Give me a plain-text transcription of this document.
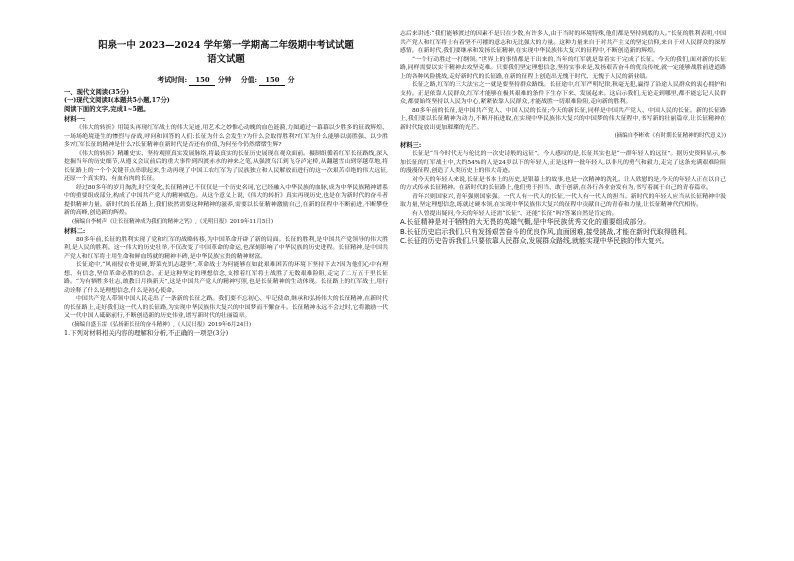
阳泉一中 2023—2024 学年第一学期高二年级期中考试试题
语文试题
考试时间: 150 分钟 分值: 150 分
一、现代文阅读(35分)
(一)现代文阅读Ⅰ(本题共5小题,17分)
阅读下面的文字,完成1~5题。
材料一:

《伟大的转折》用镜头再现红军战士的伟大足迹,用艺术之妙惟心动魄的血色涟漪,力图通过一幕幕以少胜多的征战辉煌、一场场绝境逢生的惨烈与奋战,呼问和回答的人们:长征为什么会发生?为什么会取得胜利?红军为什么能够以弱胜强、以少胜多?红军长征的精神是什么?长征精神在新时代是否还有价值,为何至今仍然熠熠生辉?

《伟大的转折》精雕史实、坚持观照真实发展脉络,将最真实的长征历史展现在观众面前。摄制组循着红军长征路线,深入挖掘当年的历史细节,从遵义会议前后的重大事件到四渡赤水的神来之笔,从强渡乌江到飞夺泸定桥,从翻越雪山到穿越草地,将长征路上的一个个关键节点串联起来,生动再现了中国工农红军为了民族独立和人民解放而进行的这一次艰苦卓绝的伟大远征,还原一个真实的、有血有肉的长征。

经过80多年的岁月淘洗,时空变化,长征精神已不仅仅是一个历史名词,它已经融入中华民族的血脉,成为中华民族精神谱系中的重要组成部分,构成了中国共产党人的精神底色。从这个意义上说,《伟大的转折》真实再现历史,也是在为新时代的奋斗者提供精神力量。新时代的长征路上,我们依然需要这种精神的滋养,需要以长征精神激励自己,在新的征程中不断前进,不断攀登新的高峰,创造新的辉煌。

(摘编自李树声《让长征精神成为我们的精神之钙》,《光明日报》2019年11月5日)

材料二:

80多年前,长征的胜利实现了党和红军的战略转移,为中国革命开辟了新的局面。长征的胜利,是中国共产党领导的伟大胜利,是人民的胜利。这一伟大的历史壮举,不仅改变了中国革命的命运,也深刻影响了中华民族的历史进程。长征精神,是中国共产党人和红军将士用生命和鲜血铸就的精神丰碑,是中华民族宝贵的精神财富。

长征途中,“风雨侵衣骨更硬,野菜充饥志越坚”,革命战士为何能够在如此艰难困苦的环境下坚持下去?因为他们心中有理想、有信念,坚信革命必胜的信念。正是这种坚定的理想信念,支撑着红军将士战胜了无数艰难险阻,走完了二万五千里长征路。“为有牺牲多壮志,敢教日月换新天”,这是中国共产党人的精神写照,也是长征精神的生动体现。长征路上的红军战士,用行动诠释了什么是理想信念,什么是初心使命。

中国共产党人带领中国人民走出了一条新的长征之路。我们要不忘初心、牢记使命,继承和弘扬伟大的长征精神,在新时代的长征路上,走好我们这一代人的长征路,为实现中华民族伟大复兴的中国梦而不懈奋斗。长征精神永远不会过时,它将激励一代又一代中国人砥砺前行,不断创造新的历史伟业,谱写新时代的壮丽篇章。

(摘编自盛玉雷《弘扬新长征的奋斗精神》,《人民日报》2019年6月24日)

1.下列对材料相关内容的理解和分析,不正确的一项是(3分)

志后来讲述:“我们能够渡过的因素不是只在少数,有许多人,由于当时的环境特殊,他们都是坚持到底的人。”长征的胜利表明,中国共产党人和红军将士有着坚不可摧的意志和无比强大的力量。这种力量来自于对共产主义的坚定信仰,来自于对人民群众的深厚感情。在新时代,我们要继承和发扬长征精神,在实现中华民族伟大复兴的征程中,不断创造新的辉煌。

“一个行动胜过一打纲领。”世界上的事情都是干出来的,当年的红军就是靠着实干完成了长征。今天的我们,面对新的长征路,同样需要以实干精神去攻坚克难。只要我们坚定理想信念,坚持实事求是,发扬艰苦奋斗的优良传统,就一定能够战胜前进道路上的各种风险挑战,走好新时代的长征路,在新的征程上创造出无愧于时代、无愧于人民的新业绩。

长征之路,红军的三大法宝之一就是要坚持群众路线。长征途中,红军严明纪律,秋毫无犯,赢得了沿途人民群众的衷心拥护和支持。正是依靠人民群众,红军才能够在极其艰难的条件下生存下来、发展起来。这启示我们,无论走到哪里,都不能忘记人民群众,都要始终坚持以人民为中心,紧紧依靠人民群众,才能战胜一切艰难险阻,走向新的胜利。

80多年前的长征,是中国共产党人、中国人民的长征;今天的新长征,同样是中国共产党人、中国人民的长征。新的长征路上,我们要以长征精神为动力,不断开拓进取,在实现中华民族伟大复兴的中国梦的伟大征程中,书写新的壮丽篇章,让长征精神在新时代绽放出更加璀璨的光芒。

(摘编自李彬欢《有时期长征精神的时代意义》)

材料三:

长征是“当今时代无与伦比的一次史诗般的远征”。今人感叹的是,长征其实也是“一群年轻人的远征”。据历史资料显示,参加长征的红军战士中,大约54%的人是24岁以下的年轻人,正是这样一批年轻人,以非凡的勇气和毅力,走完了这条充满艰难险阻的漫漫征程,创造了人类历史上的伟大奇迹。

对今天的年轻人来说,长征是书本上的历史,是银幕上的故事,也是一次精神的洗礼。让人欣慰的是,今天的年轻人正在以自己的方式传承长征精神。在新时代的长征路上,他们勇于担当、敢于创新,在各行各业奋发有为,书写着属于自己的青春篇章。

青年兴则国家兴,青年强则国家强。一代人有一代人的长征,一代人有一代人的担当。新时代的年轻人应当从长征精神中汲取力量,坚定理想信念,练就过硬本领,在实现中华民族伟大复兴的征程中贡献自己的青春和力量,让长征精神代代相传。

有人曾提出疑问,今天的年轻人还需“长征”、还能“长征”吗?答案自然是肯定的。

A.长征精神是对于牺牲的大无畏的英雄气概,是中华民族优秀文化的重要组成部分。

B.长征历史启示我们,只有发扬艰苦奋斗的优良作风,直面困难,接受挑战,才能在新时代取得胜利。

C.长征的历史告诉我们,只要依靠人民群众,发展群众路线,就能实现中华民族的伟大复兴。
